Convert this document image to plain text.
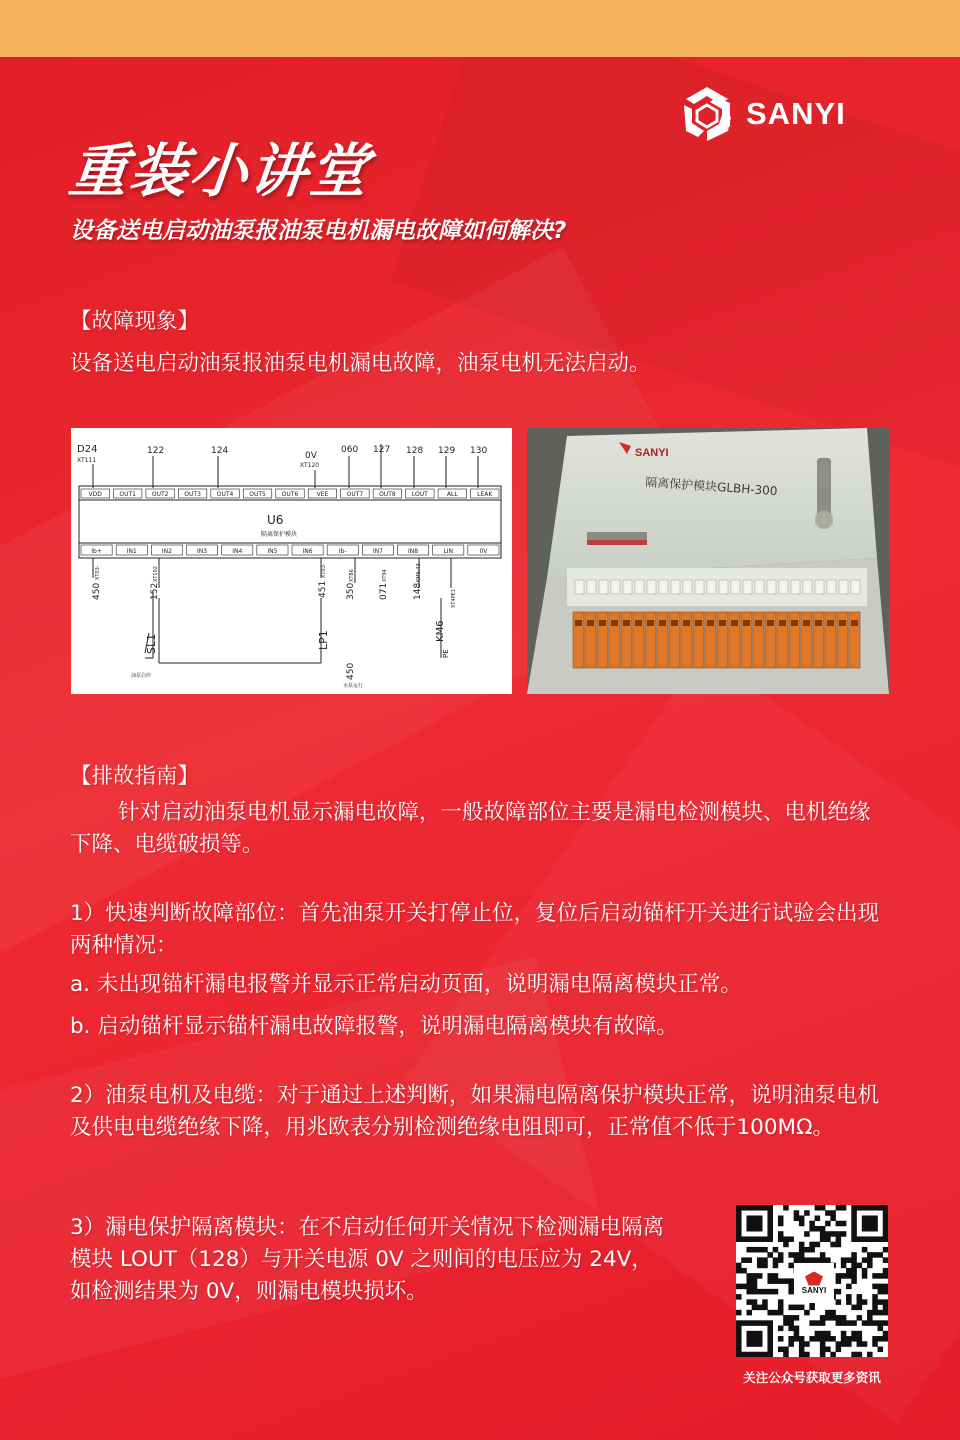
SANYI
重装小讲堂
设备送电启动油泵报油泵电机漏电故障如何解决?
【故障现象】
设备送电启动油泵报油泵电机漏电故障，油泵电机无法启动。
D24
XT111
122	124	0V
XT120
060 127 128 129 130
VDD	OUT1	OUT2	OUT3	OUT4	OUT5	OUT6	VEE	OUT7	OUT8	LOUT	ALL	LEAK
U6
隔离保护模块
Ib+	IN1	IN2	IN3	IN4	IN5	IN6	Ib-	IN7	IN8	LIN	0V
450
XT03-
152
XT102
451
XT03-
350
XT86
071
XT94
148
KM6.43
KM6
XT4PE1
SL1	LP1
PE
450
油泵启停
水泵运行
SANYI
隔离保护模块GLBH-300
【排故指南】
针对启动油泵电机显示漏电故障，一般故障部位主要是漏电检测模块、电机绝缘下降、电缆破损等。
1）快速判断故障部位：首先油泵开关打停止位，复位后启动锚杆开关进行试验会出现两种情况：
a. 未出现锚杆漏电报警并显示正常启动页面，说明漏电隔离模块正常。
b. 启动锚杆显示锚杆漏电故障报警，说明漏电隔离模块有故障。
2）油泵电机及电缆：对于通过上述判断，如果漏电隔离保护模块正常，说明油泵电机及供电电缆绝缘下降，用兆欧表分别检测绝缘电阻即可，正常值不低于100MΩ。
3）漏电保护隔离模块：在不启动任何开关情况下检测漏电隔离模块 LOUT（128）与开关电源 0V 之则间的电压应为 24V，如检测结果为 0V，则漏电模块损坏。	SANYI
关注公众号获取更多资讯
